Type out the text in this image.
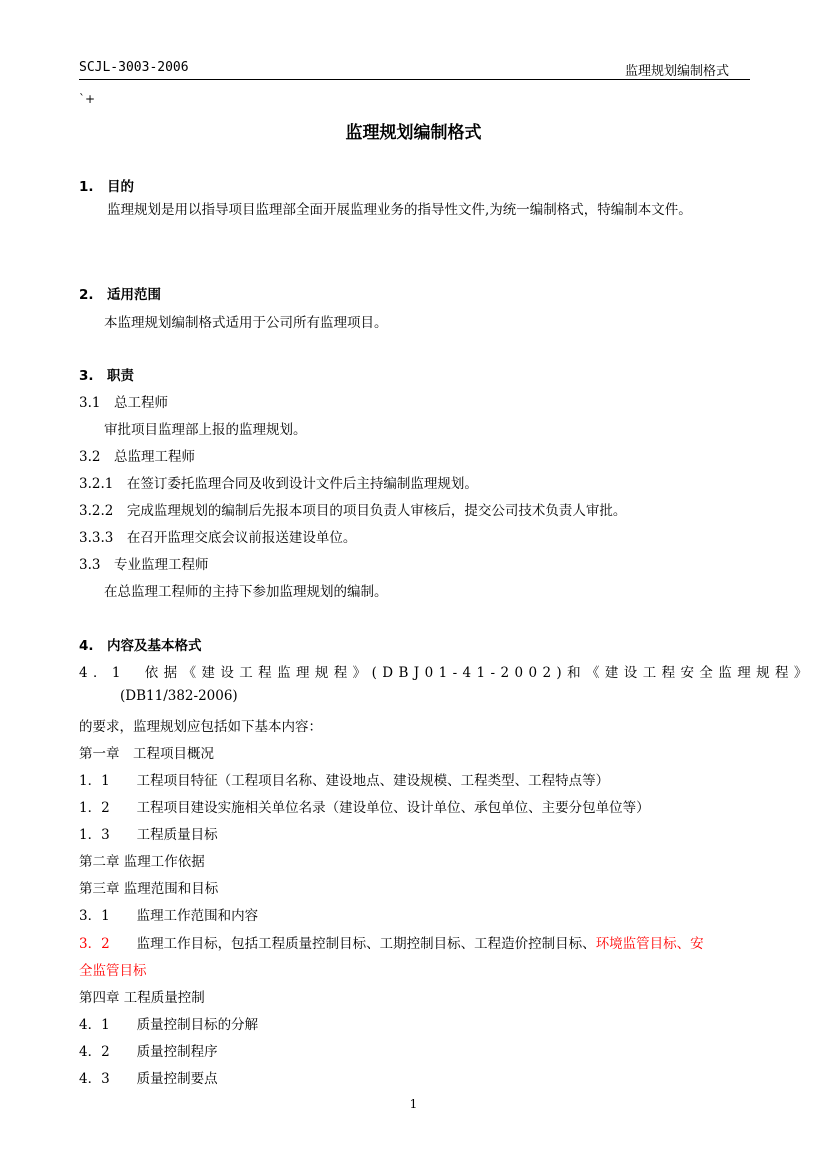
SCJL-3003-2006	监理规划编制格式
`+
监理规划编制格式
1.　目的
监理规划是用以指导项目监理部全面开展监理业务的指导性文件,为统一编制格式，特编制本文件。
2.　适用范围
本监理规划编制格式适用于公司所有监理项目。
3.　职责
3.1　总工程师
审批项目监理部上报的监理规划。
3.2　总监理工程师
3.2.1　在签订委托监理合同及收到设计文件后主持编制监理规划。
3.2.2　完成监理规划的编制后先报本项目的项目负责人审核后，提交公司技术负责人审批。
3.3.3　在召开监理交底会议前报送建设单位。
3.3　专业监理工程师
在总监理工程师的主持下参加监理规划的编制。
4.　内容及基本格式
4．1　依据《建设工程监理规程》(DBJ01-41-2002)和《建设工程安全监理规程》
(DB11/382-2006)
的要求，监理规划应包括如下基本内容：
第一章　工程项目概况
1．1　　工程项目特征（工程项目名称、建设地点、建设规模、工程类型、工程特点等）
1．2　　工程项目建设实施相关单位名录（建设单位、设计单位、承包单位、主要分包单位等）
1．3　　工程质量目标
第二章 监理工作依据
第三章 监理范围和目标
3．1　　监理工作范围和内容
3．2　　监理工作目标，包括工程质量控制目标、工期控制目标、工程造价控制目标、环境监管目标、安
全监管目标
第四章 工程质量控制
4．1　　质量控制目标的分解
4．2　　质量控制程序
4．3　　质量控制要点
1
